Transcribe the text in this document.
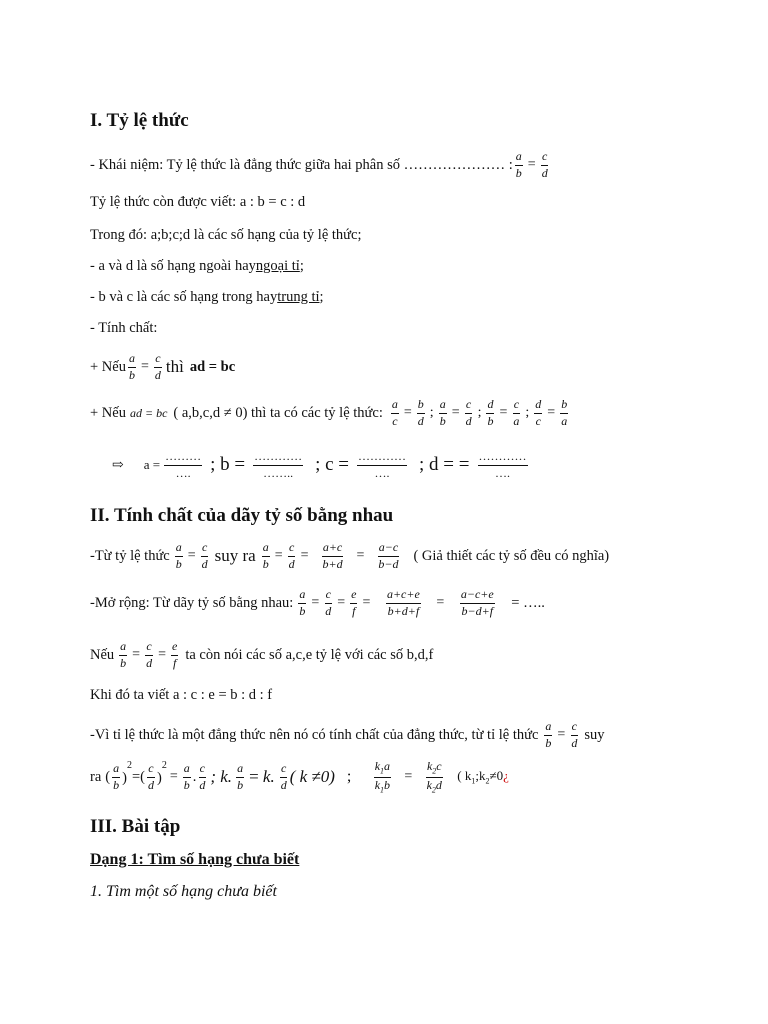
I. Tỷ lệ thức
- Khái niệm: Tỷ lệ thức là đẳng thức giữa hai phân số ………………… : $\frac{a}{b} = \frac{c}{d}$
Tỷ lệ thức còn được viết: a : b = c : d
Trong đó: a;b;c;d là các số hạng của tỷ lệ thức;
- a và d là số hạng ngoài hay ngoại tỉ ;
- b và c là các số hạng trong hay trung tỉ ;
- Tính chất:
+ Nếu $\frac{a}{b} = \frac{c}{d}$ thì ad = bc
+ Nếu ad = bc ( a,b,c,d ≠ 0) thì ta có các tỷ lệ thức: $\frac{a}{c} = \frac{b}{d}$ ; $\frac{a}{b} = \frac{c}{d}$ ; $\frac{d}{b} = \frac{c}{a}$ ; $\frac{d}{c} = \frac{b}{a}$
⇨ a =
………
…. ; b = …………
…….. ; c = …………
…. ; d = = …………
….
II. Tính chất của dãy tỷ số bằng nhau
-Từ tỷ lệ thức $\frac{a}{b} = \frac{c}{d}$ suy ra $\frac{a}{b} = \frac{c}{d} = \frac{a+c}{b+d} = \frac{a-c}{b-d}$ ( Giả thiết các tỷ số đều có nghĩa)
-Mở rộng: Từ dãy tỷ số bằng nhau: $\frac{a}{b} = \frac{c}{d} = \frac{e}{f} = \frac{a+c+e}{b+d+f} = \frac{a-c+e}{b-d+f}$ = …..
Nếu $\frac{a}{b} = \frac{c}{d} = \frac{e}{f}$ ta còn nói các số a,c,e tỷ lệ với các số b,d,f
Khi đó ta viết a : c : e = b : d : f
-Vì tỉ lệ thức là một đẳng thức nên nó có tính chất của đẳng thức, từ tỉ lệ thức $\frac{a}{b} = \frac{c}{d}$ suy
ra (
a
b )$^2$
=(
c
d )$^2$
= $\frac{a}{b}$ .
c
d ; k. $\frac{a}{b} = k$. c
d ( k ≠0) ; $\frac{k_1a}{k_1b} = \frac{k_2c}{k_2d}$ ( $k_1;k_2\ne 0¿$
III. Bài tập
Dạng 1: Tìm số hạng chưa biết
1. Tìm một số hạng chưa biết
